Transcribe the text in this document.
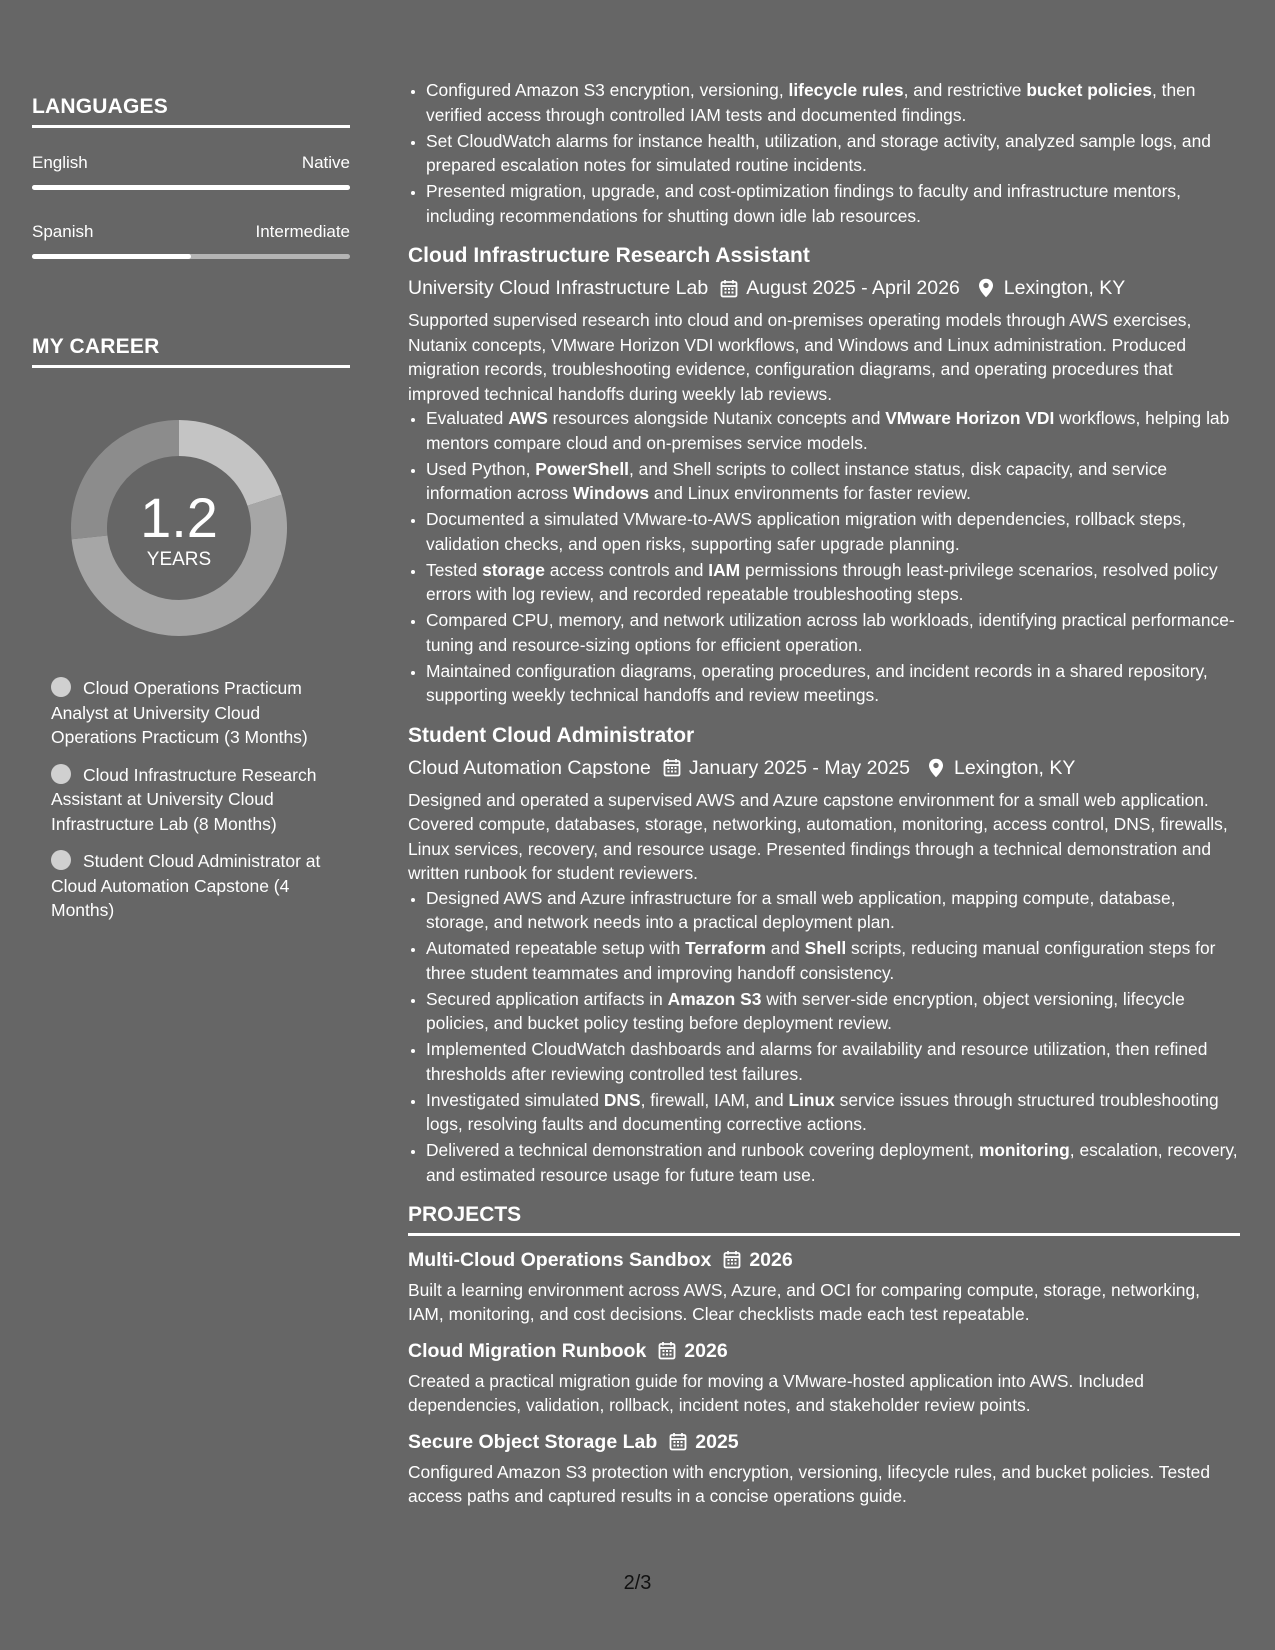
LANGUAGES
English	Native
Spanish	Intermediate
MY CAREER
1.2
YEARS
Cloud Operations Practicum Analyst at University Cloud Operations Practicum (3 Months)
Cloud Infrastructure Research Assistant at University Cloud Infrastructure Lab (8 Months)
Student Cloud Administrator at Cloud Automation Capstone (4 Months)
• Configured Amazon S3 encryption, versioning, lifecycle rules, and restrictive bucket policies, then verified access through controlled IAM tests and documented findings.
• Set CloudWatch alarms for instance health, utilization, and storage activity, analyzed sample logs, and prepared escalation notes for simulated routine incidents.
• Presented migration, upgrade, and cost-optimization findings to faculty and infrastructure mentors, including recommendations for shutting down idle lab resources.
Cloud Infrastructure Research Assistant
University Cloud Infrastructure Lab August 2025 - April 2026 Lexington, KY
Supported supervised research into cloud and on-premises operating models through AWS exercises, Nutanix concepts, VMware Horizon VDI workflows, and Windows and Linux administration. Produced migration records, troubleshooting evidence, configuration diagrams, and operating procedures that improved technical handoffs during weekly lab reviews.
• Evaluated AWS resources alongside Nutanix concepts and VMware Horizon VDI workflows, helping lab mentors compare cloud and on-premises service models.
• Used Python, PowerShell, and Shell scripts to collect instance status, disk capacity, and service information across Windows and Linux environments for faster review.
• Documented a simulated VMware-to-AWS application migration with dependencies, rollback steps, validation checks, and open risks, supporting safer upgrade planning.
• Tested storage access controls and IAM permissions through least-privilege scenarios, resolved policy errors with log review, and recorded repeatable troubleshooting steps.
• Compared CPU, memory, and network utilization across lab workloads, identifying practical performance-tuning and resource-sizing options for efficient operation.
• Maintained configuration diagrams, operating procedures, and incident records in a shared repository, supporting weekly technical handoffs and review meetings.
Student Cloud Administrator
Cloud Automation Capstone January 2025 - May 2025 Lexington, KY
Designed and operated a supervised AWS and Azure capstone environment for a small web application. Covered compute, databases, storage, networking, automation, monitoring, access control, DNS, firewalls, Linux services, recovery, and resource usage. Presented findings through a technical demonstration and written runbook for student reviewers.
• Designed AWS and Azure infrastructure for a small web application, mapping compute, database, storage, and network needs into a practical deployment plan.
• Automated repeatable setup with Terraform and Shell scripts, reducing manual configuration steps for three student teammates and improving handoff consistency.
• Secured application artifacts in Amazon S3 with server-side encryption, object versioning, lifecycle policies, and bucket policy testing before deployment review.
• Implemented CloudWatch dashboards and alarms for availability and resource utilization, then refined thresholds after reviewing controlled test failures.
• Investigated simulated DNS, firewall, IAM, and Linux service issues through structured troubleshooting logs, resolving faults and documenting corrective actions.
• Delivered a technical demonstration and runbook covering deployment, monitoring, escalation, recovery, and estimated resource usage for future team use.
PROJECTS
Multi-Cloud Operations Sandbox 2026
Built a learning environment across AWS, Azure, and OCI for comparing compute, storage, networking, IAM, monitoring, and cost decisions. Clear checklists made each test repeatable.
Cloud Migration Runbook 2026
Created a practical migration guide for moving a VMware-hosted application into AWS. Included dependencies, validation, rollback, incident notes, and stakeholder review points.
Secure Object Storage Lab 2025
Configured Amazon S3 protection with encryption, versioning, lifecycle rules, and bucket policies. Tested access paths and captured results in a concise operations guide.
2/3
